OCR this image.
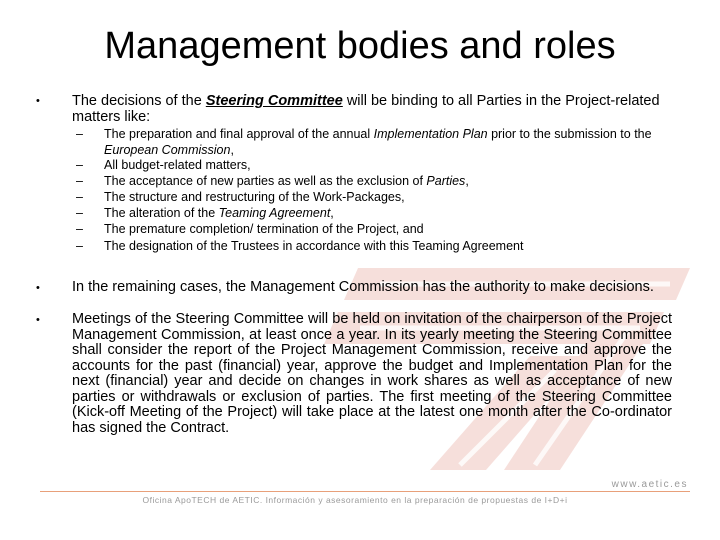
Management bodies and roles
• The decisions of the Steering Committee will be binding to all Parties in the Project-related matters like:
– The preparation and final approval of the annual Implementation Plan prior to the submission to the European Commission,
– All budget-related matters,
– The acceptance of new parties as well as the exclusion of Parties,
– The structure and restructuring of the Work-Packages,
– The alteration of the Teaming Agreement,
– The premature completion/ termination of the Project, and
– The designation of the Trustees in accordance with this Teaming Agreement
• In the remaining cases, the Management Commission has the authority to make decisions.
• Meetings of the Steering Committee will be held on invitation of the chairperson of the Project Management Commission, at least once a year. In its yearly meeting the Steering Committee shall consider the report of the Project Management Commission, receive and approve the accounts for the past (financial) year, approve the budget and Implementation Plan for the next (financial) year and decide on changes in work shares as well as acceptance of new parties or withdrawals or exclusion of parties. The first meeting of the Steering Committee (Kick-off Meeting of the Project) will take place at the latest one month after the Co-ordinator has signed the Contract.
www.aetic.es
Oficina ApoTECH de AETIC. Información y asesoramiento en la preparación de propuestas de I+D+i
